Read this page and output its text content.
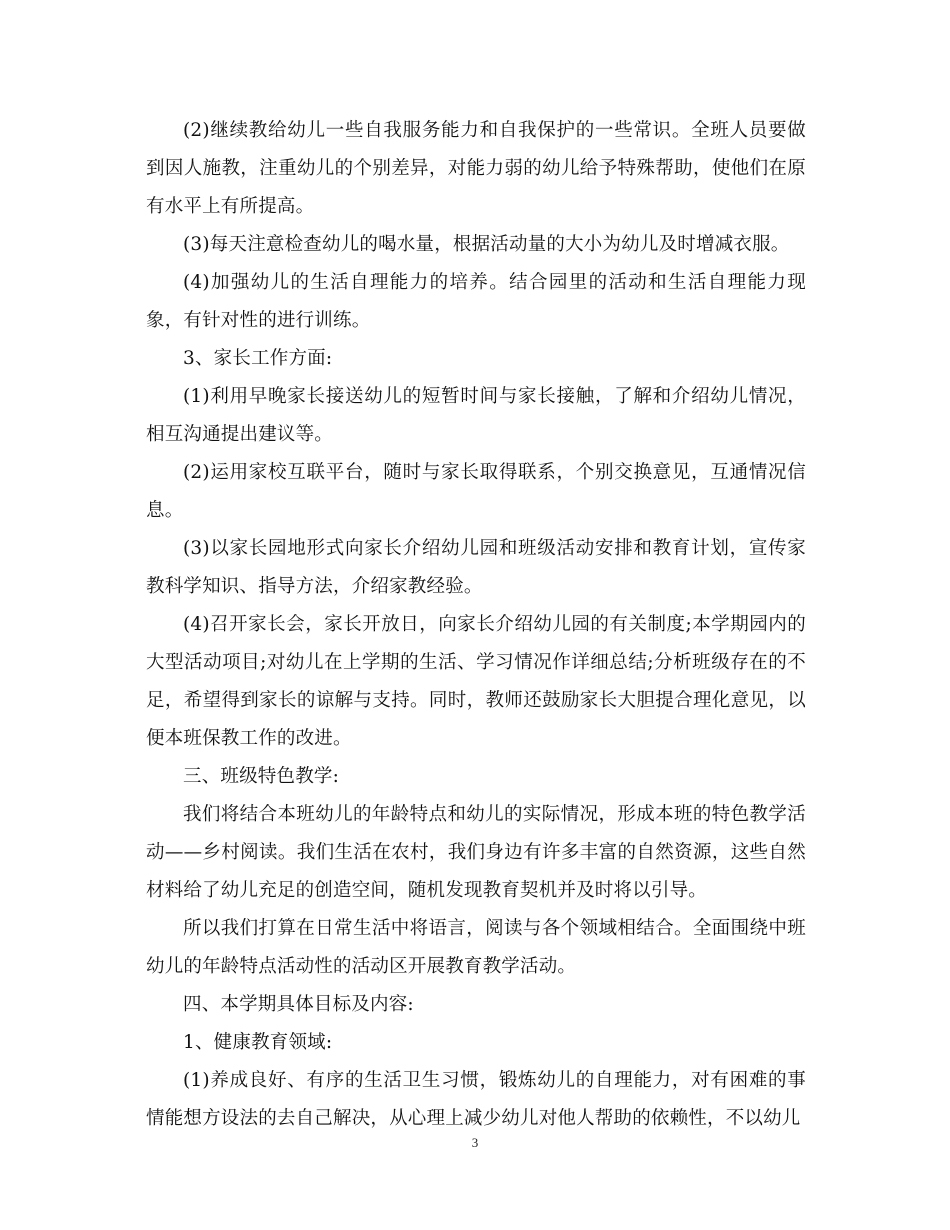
(2)继续教给幼儿一些自我服务能力和自我保护的一些常识。全班人员要做到因人施教，注重幼儿的个别差异，对能力弱的幼儿给予特殊帮助，使他们在原有水平上有所提高。

(3)每天注意检查幼儿的喝水量，根据活动量的大小为幼儿及时增减衣服。

(4)加强幼儿的生活自理能力的培养。结合园里的活动和生活自理能力现象，有针对性的进行训练。

3、家长工作方面:

(1)利用早晚家长接送幼儿的短暂时间与家长接触，了解和介绍幼儿情况，相互沟通提出建议等。

(2)运用家校互联平台，随时与家长取得联系，个别交换意见，互通情况信息。

(3)以家长园地形式向家长介绍幼儿园和班级活动安排和教育计划，宣传家教科学知识、指导方法，介绍家教经验。

(4)召开家长会，家长开放日，向家长介绍幼儿园的有关制度;本学期园内的大型活动项目;对幼儿在上学期的生活、学习情况作详细总结;分析班级存在的不足，希望得到家长的谅解与支持。同时，教师还鼓励家长大胆提合理化意见，以便本班保教工作的改进。

三、班级特色教学:

我们将结合本班幼儿的年龄特点和幼儿的实际情况，形成本班的特色教学活动——乡村阅读。我们生活在农村，我们身边有许多丰富的自然资源，这些自然材料给了幼儿充足的创造空间，随机发现教育契机并及时将以引导。

所以我们打算在日常生活中将语言，阅读与各个领域相结合。全面围绕中班幼儿的年龄特点活动性的活动区开展教育教学活动。

四、本学期具体目标及内容:

1、健康教育领域:

(1)养成良好、有序的生活卫生习惯，锻炼幼儿的自理能力，对有困难的事情能想方设法的去自己解决，从心理上减少幼儿对他人帮助的依赖性，不以幼儿

3
